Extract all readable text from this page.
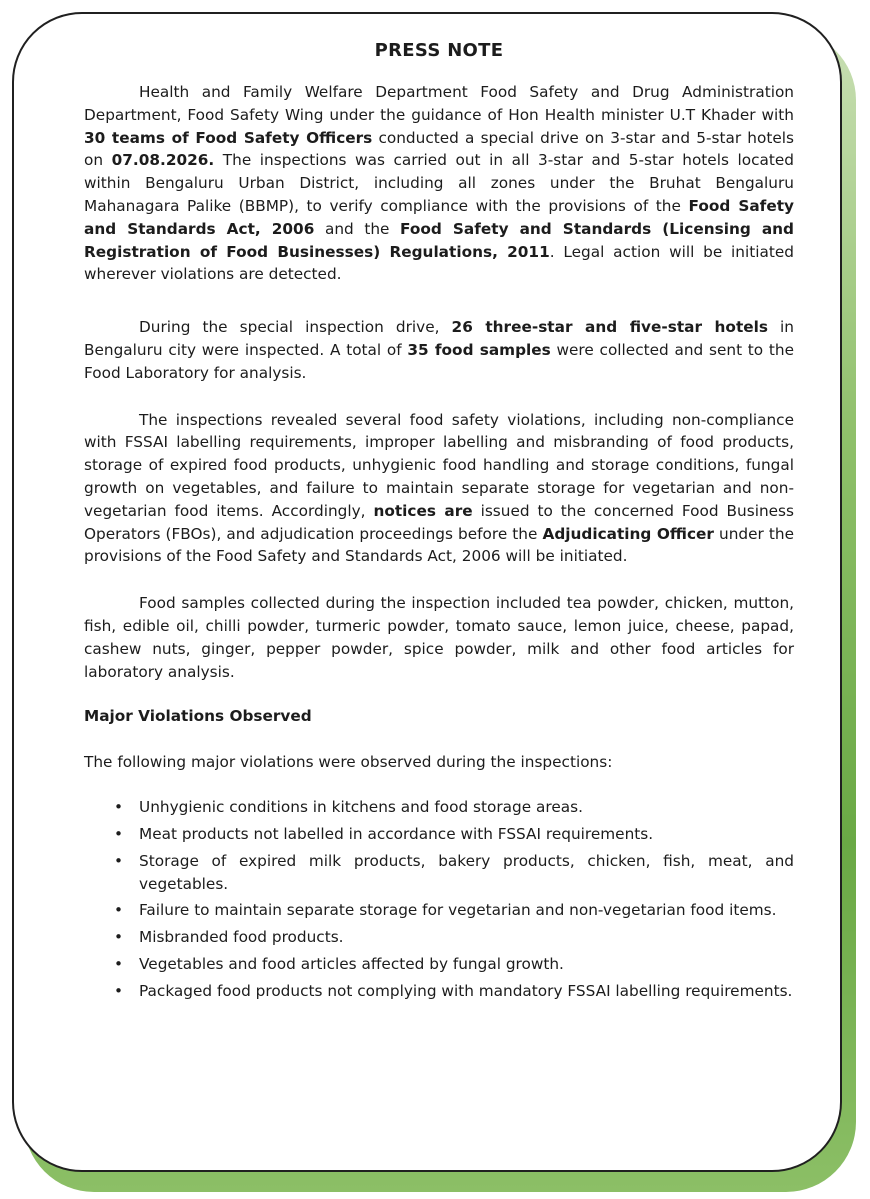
PRESS NOTE

Health and Family Welfare Department Food Safety and Drug Administration Department, Food Safety Wing under the guidance of Hon Health minister U.T Khader with 30 teams of Food Safety Officers conducted a special drive on 3-star and 5-star hotels on 07.08.2026. The inspections was carried out in all 3-star and 5-star hotels located within Bengaluru Urban District, including all zones under the Bruhat Bengaluru Mahanagara Palike (BBMP), to verify compliance with the provisions of the Food Safety and Standards Act, 2006 and the Food Safety and Standards (Licensing and Registration of Food Businesses) Regulations, 2011. Legal action will be initiated wherever violations are detected.

During the special inspection drive, 26 three-star and five-star hotels in Bengaluru city were inspected. A total of 35 food samples were collected and sent to the Food Laboratory for analysis.

The inspections revealed several food safety violations, including non-compliance with FSSAI labelling requirements, improper labelling and misbranding of food products, storage of expired food products, unhygienic food handling and storage conditions, fungal growth on vegetables, and failure to maintain separate storage for vegetarian and non-vegetarian food items. Accordingly, notices are issued to the concerned Food Business Operators (FBOs), and adjudication proceedings before the Adjudicating Officer under the provisions of the Food Safety and Standards Act, 2006 will be initiated.

Food samples collected during the inspection included tea powder, chicken, mutton, fish, edible oil, chilli powder, turmeric powder, tomato sauce, lemon juice, cheese, papad, cashew nuts, ginger, pepper powder, spice powder, milk and other food articles for laboratory analysis.

Major Violations Observed
The following major violations were observed during the inspections:
• Unhygienic conditions in kitchens and food storage areas.
• Meat products not labelled in accordance with FSSAI requirements.
• Storage of expired milk products, bakery products, chicken, fish, meat, and vegetables.
• Failure to maintain separate storage for vegetarian and non-vegetarian food items.
• Misbranded food products.
• Vegetables and food articles affected by fungal growth.
• Packaged food products not complying with mandatory FSSAI labelling requirements.
